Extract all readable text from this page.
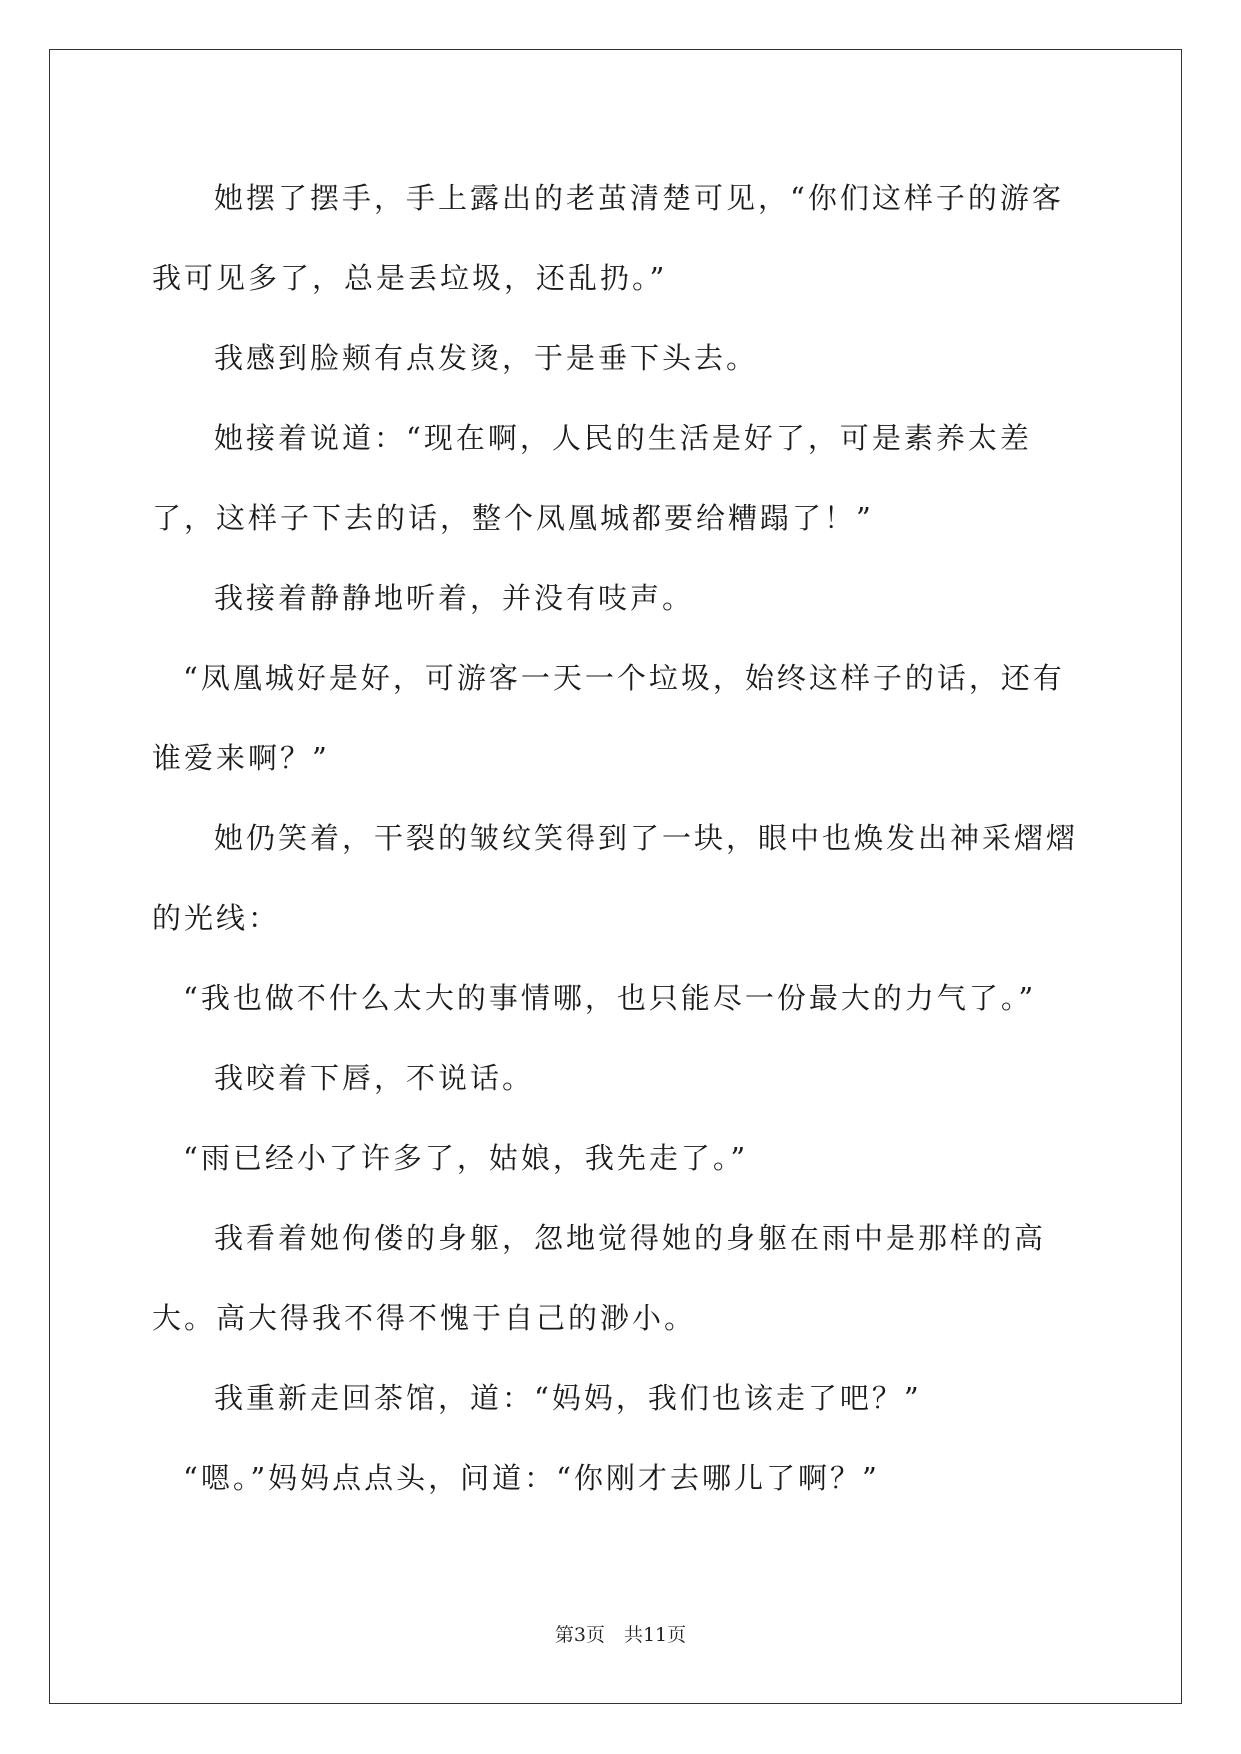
她摆了摆手，手上露出的老茧清楚可见，“你们这样子的游客我可见多了，总是丢垃圾，还乱扔。”

我感到脸颊有点发烫，于是垂下头去。

她接着说道：“现在啊，人民的生活是好了，可是素养太差了，这样子下去的话，整个凤凰城都要给糟蹋了！”

我接着静静地听着，并没有吱声。

“凤凰城好是好，可游客一天一个垃圾，始终这样子的话，还有谁爱来啊？”

她仍笑着，干裂的皱纹笑得到了一块，眼中也焕发出神采熠熠的光线：

“我也做不什么太大的事情哪，也只能尽一份最大的力气了。”

我咬着下唇，不说话。

“雨已经小了许多了，姑娘，我先走了。”

我看着她佝偻的身躯，忽地觉得她的身躯在雨中是那样的高大。高大得我不得不愧于自己的渺小。

我重新走回茶馆，道：“妈妈，我们也该走了吧？”

“嗯。”妈妈点点头，问道：“你刚才去哪儿了啊？”

第3页　共11页
